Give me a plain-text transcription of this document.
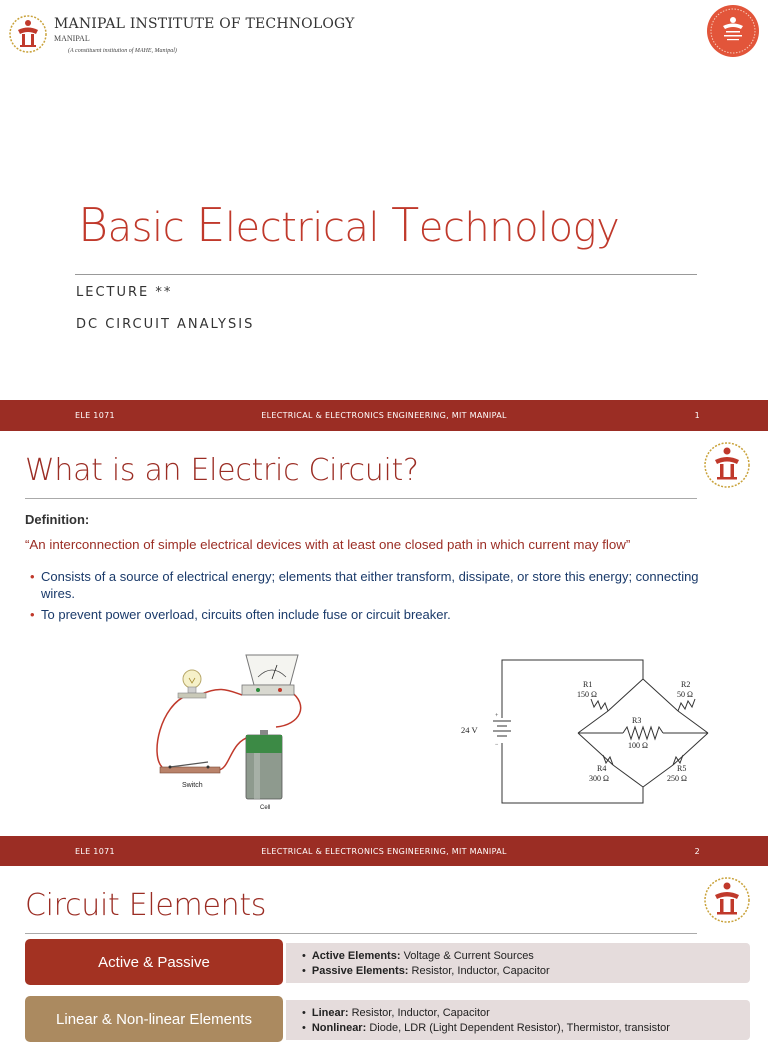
MANIPAL INSTITUTE OF TECHNOLOGY
MANIPAL
(A constituent institution of MAHE, Manipal)
Basic Electrical Technology
LECTURE **
DC CIRCUIT ANALYSIS
ELE 1071	ELECTRICAL & ELECTRONICS ENGINEERING, MIT MANIPAL	1
What is an Electric Circuit?
Definition:
“An interconnection of simple electrical devices with at least one closed path in which current may flow”
• Consists of a source of electrical energy; elements that either transform, dissipate, or store this energy; connecting wires.
• To prevent power overload, circuits often include fuse or circuit breaker.
Switch
Cell
+
−
24 V
R1
150 Ω
R2
50 Ω
R3
100 Ω
R4
300 Ω
R5
250 Ω
ELE 1071	ELECTRICAL & ELECTRONICS ENGINEERING, MIT MANIPAL	2
Circuit Elements
Active & Passive	• Active Elements: Voltage & Current Sources
• Passive Elements: Resistor, Inductor, Capacitor
Linear & Non-linear Elements	• Linear: Resistor, Inductor, Capacitor
• Nonlinear: Diode, LDR (Light Dependent Resistor), Thermistor, transistor
